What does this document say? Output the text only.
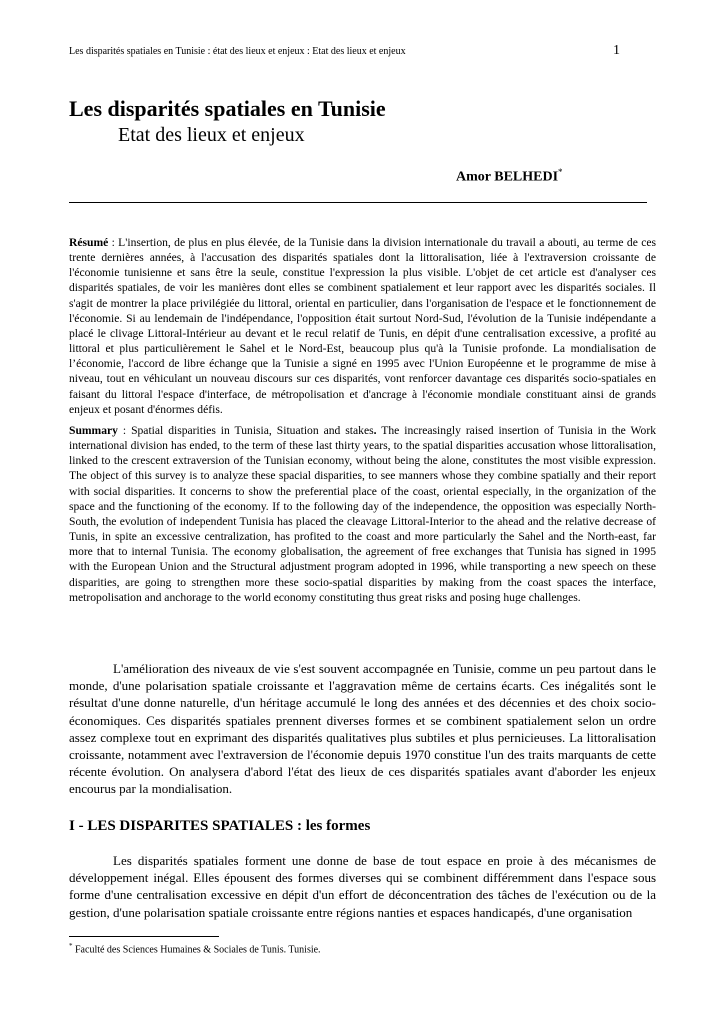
Les disparités spatiales en Tunisie : état des lieux et enjeux : Etat des lieux et enjeux	1
Les disparités spatiales en Tunisie
Etat des lieux et enjeux
Amor BELHEDI*
Résumé : L'insertion, de plus en plus élevée, de la Tunisie dans la division internationale du travail a abouti, au terme de ces trente dernières années, à l'accusation des disparités spatiales dont la littoralisation, liée à l'extraversion croissante de l'économie tunisienne et sans être la seule, constitue l'expression la plus visible. L'objet de cet article est d'analyser ces disparités spatiales, de voir les manières dont elles se combinent spatialement et leur rapport avec les disparités sociales. Il s'agit de montrer la place privilégiée du littoral, oriental en particulier, dans l'organisation de l'espace et le fonctionnement de l'économie. Si au lendemain de l'indépendance, l'opposition était surtout Nord-Sud, l'évolution de la Tunisie indépendante a placé le clivage Littoral-Intérieur au devant et le recul relatif de Tunis, en dépit d'une centralisation excessive, a profité au littoral et plus particulièrement le Sahel et le Nord-Est, beaucoup plus qu'à la Tunisie profonde. La mondialisation de l’économie, l'accord de libre échange que la Tunisie a signé en 1995 avec l'Union Européenne et le programme de mise à niveau, tout en véhiculant un nouveau discours sur ces disparités, vont renforcer davantage ces disparités socio-spatiales en faisant du littoral l'espace d'interface, de métropolisation et d'ancrage à l'économie mondiale constituant ainsi de grands enjeux et posant d'énormes défis.
Summary : Spatial disparities in Tunisia, Situation and stakes. The increasingly raised insertion of Tunisia in the Work international division has ended, to the term of these last thirty years, to the spatial disparities accusation whose littoralisation, linked to the crescent extraversion of the Tunisian economy, without being the alone, constitutes the most visible expression. The object of this survey is to analyze these spacial disparities, to see manners whose they combine spatially and their report with social disparities. It concerns to show the preferential place of the coast, oriental especially, in the organization of the space and the functioning of the economy. If to the following day of the independence, the opposition was especially North-South, the evolution of independent Tunisia has placed the cleavage Littoral-Interior to the ahead and the relative decrease of Tunis, in spite an excessive centralization, has profited to the coast and more particularly the Sahel and the North-east, far more that to internal Tunisia. The economy globalisation, the agreement of free exchanges that Tunisia has signed in 1995 with the European Union and the Structural adjustment program adopted in 1996, while transporting a new speech on these disparities, are going to strengthen more these socio-spatial disparities by making from the coast spaces the interface, metropolisation and anchorage to the world economy constituting thus great risks and posing huge challenges.
L'amélioration des niveaux de vie s'est souvent accompagnée en Tunisie, comme un peu partout dans le monde, d'une polarisation spatiale croissante et l'aggravation même de certains écarts. Ces inégalités sont le résultat d'une donne naturelle, d'un héritage accumulé le long des années et des décennies et des choix socio-économiques. Ces disparités spatiales prennent diverses formes et se combinent spatialement selon un ordre assez complexe tout en exprimant des disparités qualitatives plus subtiles et plus pernicieuses. La littoralisation croissante, notamment avec l'extraversion de l'économie depuis 1970 constitue l'un des traits marquants de cette récente évolution. On analysera d'abord l'état des lieux de ces disparités spatiales avant d'aborder les enjeux encourus par la mondialisation.
I - LES DISPARITES SPATIALES : les formes
Les disparités spatiales forment une donne de base de tout espace en proie à des mécanismes de développement inégal. Elles épousent des formes diverses qui se combinent différemment dans l'espace sous forme d'une centralisation excessive en dépit d'un effort de déconcentration des tâches de l'exécution ou de la gestion, d'une polarisation spatiale croissante entre régions nanties et espaces handicapés, d'une organisation
* Faculté des Sciences Humaines & Sociales de Tunis. Tunisie.
